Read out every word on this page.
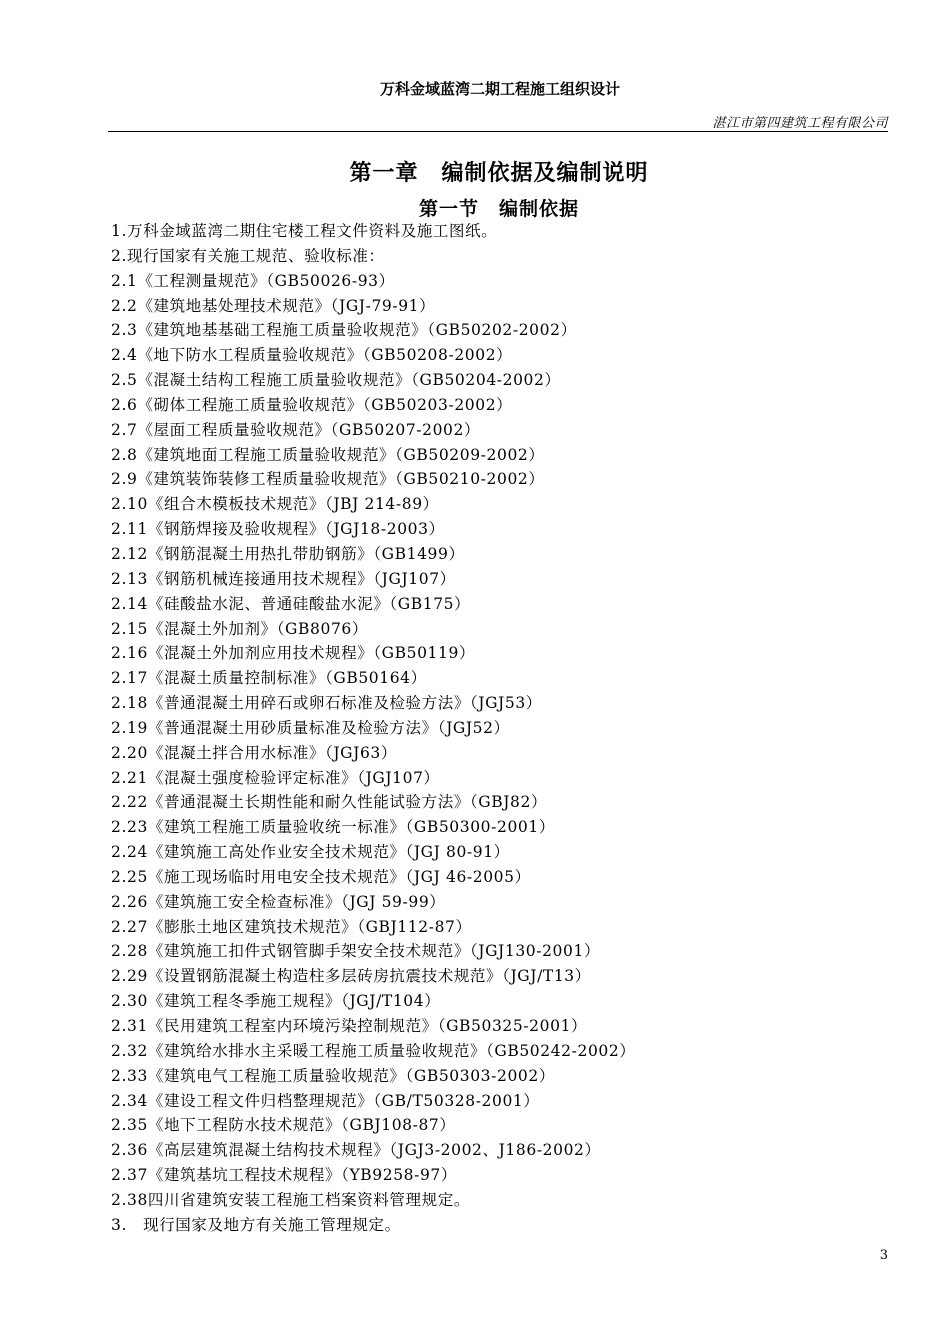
万科金域蓝湾二期工程施工组织设计
湛江市第四建筑工程有限公司
第一章　编制依据及编制说明
第一节　编制依据
1.万科金域蓝湾二期住宅楼工程文件资料及施工图纸。
2.现行国家有关施工规范、验收标准：
2.1《工程测量规范》（GB50026-93）
2.2《建筑地基处理技术规范》（JGJ-79-91）
2.3《建筑地基基础工程施工质量验收规范》（GB50202-2002）
2.4《地下防水工程质量验收规范》（GB50208-2002）
2.5《混凝土结构工程施工质量验收规范》（GB50204-2002）
2.6《砌体工程施工质量验收规范》（GB50203-2002）
2.7《屋面工程质量验收规范》（GB50207-2002）
2.8《建筑地面工程施工质量验收规范》（GB50209-2002）
2.9《建筑装饰装修工程质量验收规范》（GB50210-2002）
2.10《组合木模板技术规范》（JBJ 214-89）
2.11《钢筋焊接及验收规程》（JGJ18-2003）
2.12《钢筋混凝土用热扎带肋钢筋》（GB1499）
2.13《钢筋机械连接通用技术规程》（JGJ107）
2.14《硅酸盐水泥、普通硅酸盐水泥》（GB175）
2.15《混凝土外加剂》（GB8076）
2.16《混凝土外加剂应用技术规程》（GB50119）
2.17《混凝土质量控制标准》（GB50164）
2.18《普通混凝土用碎石或卵石标准及检验方法》（JGJ53）
2.19《普通混凝土用砂质量标准及检验方法》（JGJ52）
2.20《混凝土拌合用水标准》（JGJ63）
2.21《混凝土强度检验评定标准》（JGJ107）
2.22《普通混凝土长期性能和耐久性能试验方法》（GBJ82）
2.23《建筑工程施工质量验收统一标准》（GB50300-2001）
2.24《建筑施工高处作业安全技术规范》（JGJ 80-91）
2.25《施工现场临时用电安全技术规范》（JGJ 46-2005）
2.26《建筑施工安全检查标准》（JGJ 59-99）
2.27《膨胀土地区建筑技术规范》（GBJ112-87）
2.28《建筑施工扣件式钢管脚手架安全技术规范》（JGJ130-2001）
2.29《设置钢筋混凝土构造柱多层砖房抗震技术规范》（JGJ/T13）
2.30《建筑工程冬季施工规程》（JGJ/T104）
2.31《民用建筑工程室内环境污染控制规范》（GB50325-2001）
2.32《建筑给水排水主采暖工程施工质量验收规范》（GB50242-2002）
2.33《建筑电气工程施工质量验收规范》（GB50303-2002）
2.34《建设工程文件归档整理规范》（GB/T50328-2001）
2.35《地下工程防水技术规范》（GBJ108-87）
2.36《高层建筑混凝土结构技术规程》（JGJ3-2002、J186-2002）
2.37《建筑基坑工程技术规程》（YB9258-97）
2.38四川省建筑安装工程施工档案资料管理规定。
3.　现行国家及地方有关施工管理规定。
3
